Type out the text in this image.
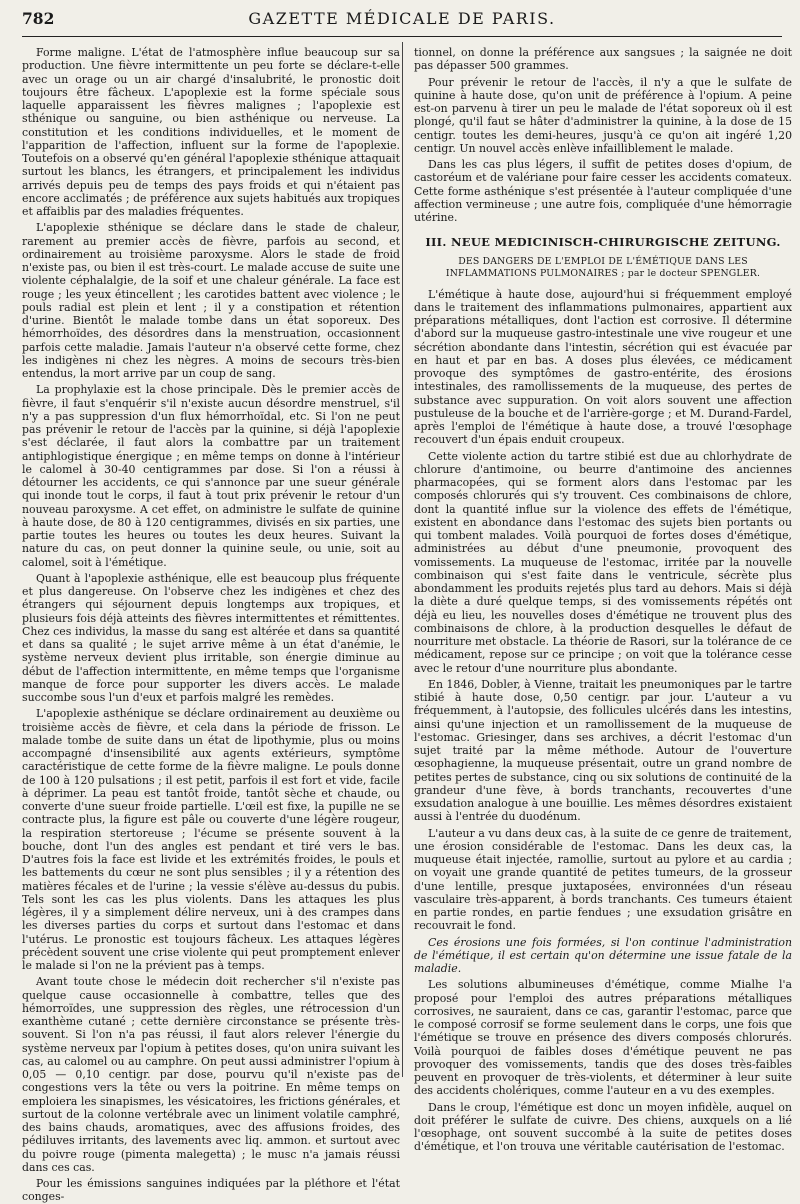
782	GAZETTE MÉDICALE DE PARIS.

Forme maligne. L'état de l'atmosphère influe beaucoup sur sa production. Une fièvre intermittente un peu forte se déclare-t-elle avec un orage ou un air chargé d'insalubrité, le pronostic doit toujours être fâcheux. L'apoplexie est la forme spéciale sous laquelle apparaissent les fièvres malignes ; l'apoplexie est sthénique ou sanguine, ou bien asthénique ou nerveuse. La constitution et les conditions individuelles, et le moment de l'apparition de l'affection, influent sur la forme de l'apoplexie. Toutefois on a observé qu'en général l'apoplexie sthénique attaquait surtout les blancs, les étrangers, et principalement les individus arrivés depuis peu de temps des pays froids et qui n'étaient pas encore acclimatés ; de préférence aux sujets habitués aux tropiques et affaiblis par des maladies fréquentes.

L'apoplexie sthénique se déclare dans le stade de chaleur, rarement au premier accès de fièvre, parfois au second, et ordinairement au troisième paroxysme. Alors le stade de froid n'existe pas, ou bien il est très-court. Le malade accuse de suite une violente céphalalgie, de la soif et une chaleur générale. La face est rouge ; les yeux étincellent ; les carotides battent avec violence ; le pouls radial est plein et lent ; il y a constipation et rétention d'urine. Bientôt le malade tombe dans un état soporeux. Des hémorrhoïdes, des désordres dans la menstruation, occasionnent parfois cette maladie. Jamais l'auteur n'a observé cette forme, chez les indigènes ni chez les nègres. A moins de secours très-bien entendus, la mort arrive par un coup de sang.

La prophylaxie est la chose principale. Dès le premier accès de fièvre, il faut s'enquérir s'il n'existe aucun désordre menstruel, s'il n'y a pas suppression d'un flux hémorrhoïdal, etc. Si l'on ne peut pas prévenir le retour de l'accès par la quinine, si déjà l'apoplexie s'est déclarée, il faut alors la combattre par un traitement antiphlogistique énergique ; en même temps on donne à l'intérieur le calomel à 30-40 centigrammes par dose. Si l'on a réussi à détourner les accidents, ce qui s'annonce par une sueur générale qui inonde tout le corps, il faut à tout prix prévenir le retour d'un nouveau paroxysme. A cet effet, on administre le sulfate de quinine à haute dose, de 80 à 120 centigrammes, divisés en six parties, une partie toutes les heures ou toutes les deux heures. Suivant la nature du cas, on peut donner la quinine seule, ou unie, soit au calomel, soit à l'émétique.

Quant à l'apoplexie asthénique, elle est beaucoup plus fréquente et plus dangereuse. On l'observe chez les indigènes et chez des étrangers qui séjournent depuis longtemps aux tropiques, et plusieurs fois déjà atteints des fièvres intermittentes et rémittentes. Chez ces individus, la masse du sang est altérée et dans sa quantité et dans sa qualité ; le sujet arrive même à un état d'anémie, le système nerveux devient plus irritable, son énergie diminue au début de l'affection intermittente, en même temps que l'organisme manque de force pour supporter les divers accès. Le malade succombe sous l'un d'eux et parfois malgré les remèdes.

L'apoplexie asthénique se déclare ordinairement au deuxième ou troisième accès de fièvre, et cela dans la période de frisson. Le malade tombe de suite dans un état de lipothymie, plus ou moins accompagné d'insensibilité aux agents extérieurs, symptôme caractéristique de cette forme de la fièvre maligne. Le pouls donne de 100 à 120 pulsations ; il est petit, parfois il est fort et vide, facile à déprimer. La peau est tantôt froide, tantôt sèche et chaude, ou converte d'une sueur froide partielle. L'œil est fixe, la pupille ne se contracte plus, la figure est pâle ou couverte d'une légère rougeur, la respiration stertoreuse ; l'écume se présente souvent à la bouche, dont l'un des angles est pendant et tiré vers le bas. D'autres fois la face est livide et les extrémités froides, le pouls et les battements du cœur ne sont plus sensibles ; il y a rétention des matières fécales et de l'urine ; la vessie s'élève au-dessus du pubis. Tels sont les cas les plus violents. Dans les attaques les plus légères, il y a simplement délire nerveux, uni à des crampes dans les diverses parties du corps et surtout dans l'estomac et dans l'utérus. Le pronostic est toujours fâcheux. Les attaques légères précèdent souvent une crise violente qui peut promptement enlever le malade si l'on ne la prévient pas à temps.

Avant toute chose le médecin doit rechercher s'il n'existe pas quelque cause occasionnelle à combattre, telles que des hémorroïdes, une suppression des règles, une rétrocession d'un exanthème cutané ; cette dernière circonstance se présente très-souvent. Si l'on n'a pas réussi, il faut alors relever l'énergie du système nerveux par l'opium à petites doses, qu'on unira suivant les cas, au calomel ou au camphre. On peut aussi administrer l'opium à 0,05 — 0,10 centigr. par dose, pourvu qu'il n'existe pas de congestions vers la tête ou vers la poitrine. En même temps on emploiera les sinapismes, les vésicatoires, les frictions générales, et surtout de la colonne vertébrale avec un liniment volatile camphré, des bains chauds, aromatiques, avec des affusions froides, des pédiluves irritants, des lavements avec liq. ammon. et surtout avec du poivre rouge (pimenta malegetta) ; le musc n'a jamais réussi dans ces cas.

Pour les émissions sanguines indiquées par la pléthore et l'état conges-

tionnel, on donne la préférence aux sangsues ; la saignée ne doit pas dépasser 500 grammes.

Pour prévenir le retour de l'accès, il n'y a que le sulfate de quinine à haute dose, qu'on unit de préférence à l'opium. A peine est-on parvenu à tirer un peu le malade de l'état soporeux où il est plongé, qu'il faut se hâter d'administrer la quinine, à la dose de 15 centigr. toutes les demi-heures, jusqu'à ce qu'on ait ingéré 1,20 centigr. Un nouvel accès enlève infailliblement le malade.

Dans les cas plus légers, il suffit de petites doses d'opium, de castoréum et de valériane pour faire cesser les accidents comateux. Cette forme asthénique s'est présentée à l'auteur compliquée d'une affection vermineuse ; une autre fois, compliquée d'une hémorragie utérine.

III. NEUE MEDICINISCH-CHIRURGISCHE ZEITUNG.
DES DANGERS DE L'EMPLOI DE L'ÉMÉTIQUE DANS LES INFLAMMATIONS PULMONAIRES ; par le docteur SPENGLER.

L'émétique à haute dose, aujourd'hui si fréquemment employé dans le traitement des inflammations pulmonaires, appartient aux préparations métalliques, dont l'action est corrosive. Il détermine d'abord sur la muqueuse gastro-intestinale une vive rougeur et une sécrétion abondante dans l'intestin, sécrétion qui est évacuée par en haut et par en bas. A doses plus élevées, ce médicament provoque des symptômes de gastro-entérite, des érosions intestinales, des ramollissements de la muqueuse, des pertes de substance avec suppuration. On voit alors souvent une affection pustuleuse de la bouche et de l'arrière-gorge ; et M. Durand-Fardel, après l'emploi de l'émétique à haute dose, a trouvé l'œsophage recouvert d'un épais enduit croupeux.

Cette violente action du tartre stibié est due au chlorhydrate de chlorure d'antimoine, ou beurre d'antimoine des anciennes pharmacopées, qui se forment alors dans l'estomac par les composés chlorurés qui s'y trouvent. Ces combinaisons de chlore, dont la quantité influe sur la violence des effets de l'émétique, existent en abondance dans l'estomac des sujets bien portants ou qui tombent malades. Voilà pourquoi de fortes doses d'émétique, administrées au début d'une pneumonie, provoquent des vomissements. La muqueuse de l'estomac, irritée par la nouvelle combinaison qui s'est faite dans le ventricule, sécrète plus abondamment les produits rejetés plus tard au dehors. Mais si déjà la diète a duré quelque temps, si des vomissements répétés ont déjà eu lieu, les nouvelles doses d'émétique ne trouvent plus des combinaisons de chlore, à la production desquelles le défaut de nourriture met obstacle. La théorie de Rasori, sur la tolérance de ce médicament, repose sur ce principe ; on voit que la tolérance cesse avec le retour d'une nourriture plus abondante.

En 1846, Dobler, à Vienne, traitait les pneumoniques par le tartre stibié à haute dose, 0,50 centigr. par jour. L'auteur a vu fréquemment, à l'autopsie, des follicules ulcérés dans les intestins, ainsi qu'une injection et un ramollissement de la muqueuse de l'estomac. Griesinger, dans ses archives, a décrit l'estomac d'un sujet traité par la même méthode. Autour de l'ouverture œsophagienne, la muqueuse présentait, outre un grand nombre de petites pertes de substance, cinq ou six solutions de continuité de la grandeur d'une fève, à bords tranchants, recouvertes d'une exsudation analogue à une bouillie. Les mêmes désordres existaient aussi à l'entrée du duodénum.

L'auteur a vu dans deux cas, à la suite de ce genre de traitement, une érosion considérable de l'estomac. Dans les deux cas, la muqueuse était injectée, ramollie, surtout au pylore et au cardia ; on voyait une grande quantité de petites tumeurs, de la grosseur d'une lentille, presque juxtaposées, environnées d'un réseau vasculaire très-apparent, à bords tranchants. Ces tumeurs étaient en partie rondes, en partie fendues ; une exsudation grisâtre en recouvrait le fond.

Ces érosions une fois formées, si l'on continue l'administration de l'émétique, il est certain qu'on détermine une issue fatale de la maladie.

Les solutions albumineuses d'émétique, comme Mialhe l'a proposé pour l'emploi des autres préparations métalliques corrosives, ne sauraient, dans ce cas, garantir l'estomac, parce que le composé corrosif se forme seulement dans le corps, une fois que l'émétique se trouve en présence des divers composés chlorurés. Voilà pourquoi de faibles doses d'émétique peuvent ne pas provoquer des vomissements, tandis que des doses très-faibles peuvent en provoquer de très-violents, et déterminer à leur suite des accidents cholériques, comme l'auteur en a vu des exemples.

Dans le croup, l'émétique est donc un moyen infidèle, auquel on doit préférer le sulfate de cuivre. Des chiens, auxquels on a lié l'œsophage, ont souvent succombé à la suite de petites doses d'émétique, et l'on trouva une véritable cautérisation de l'estomac.
